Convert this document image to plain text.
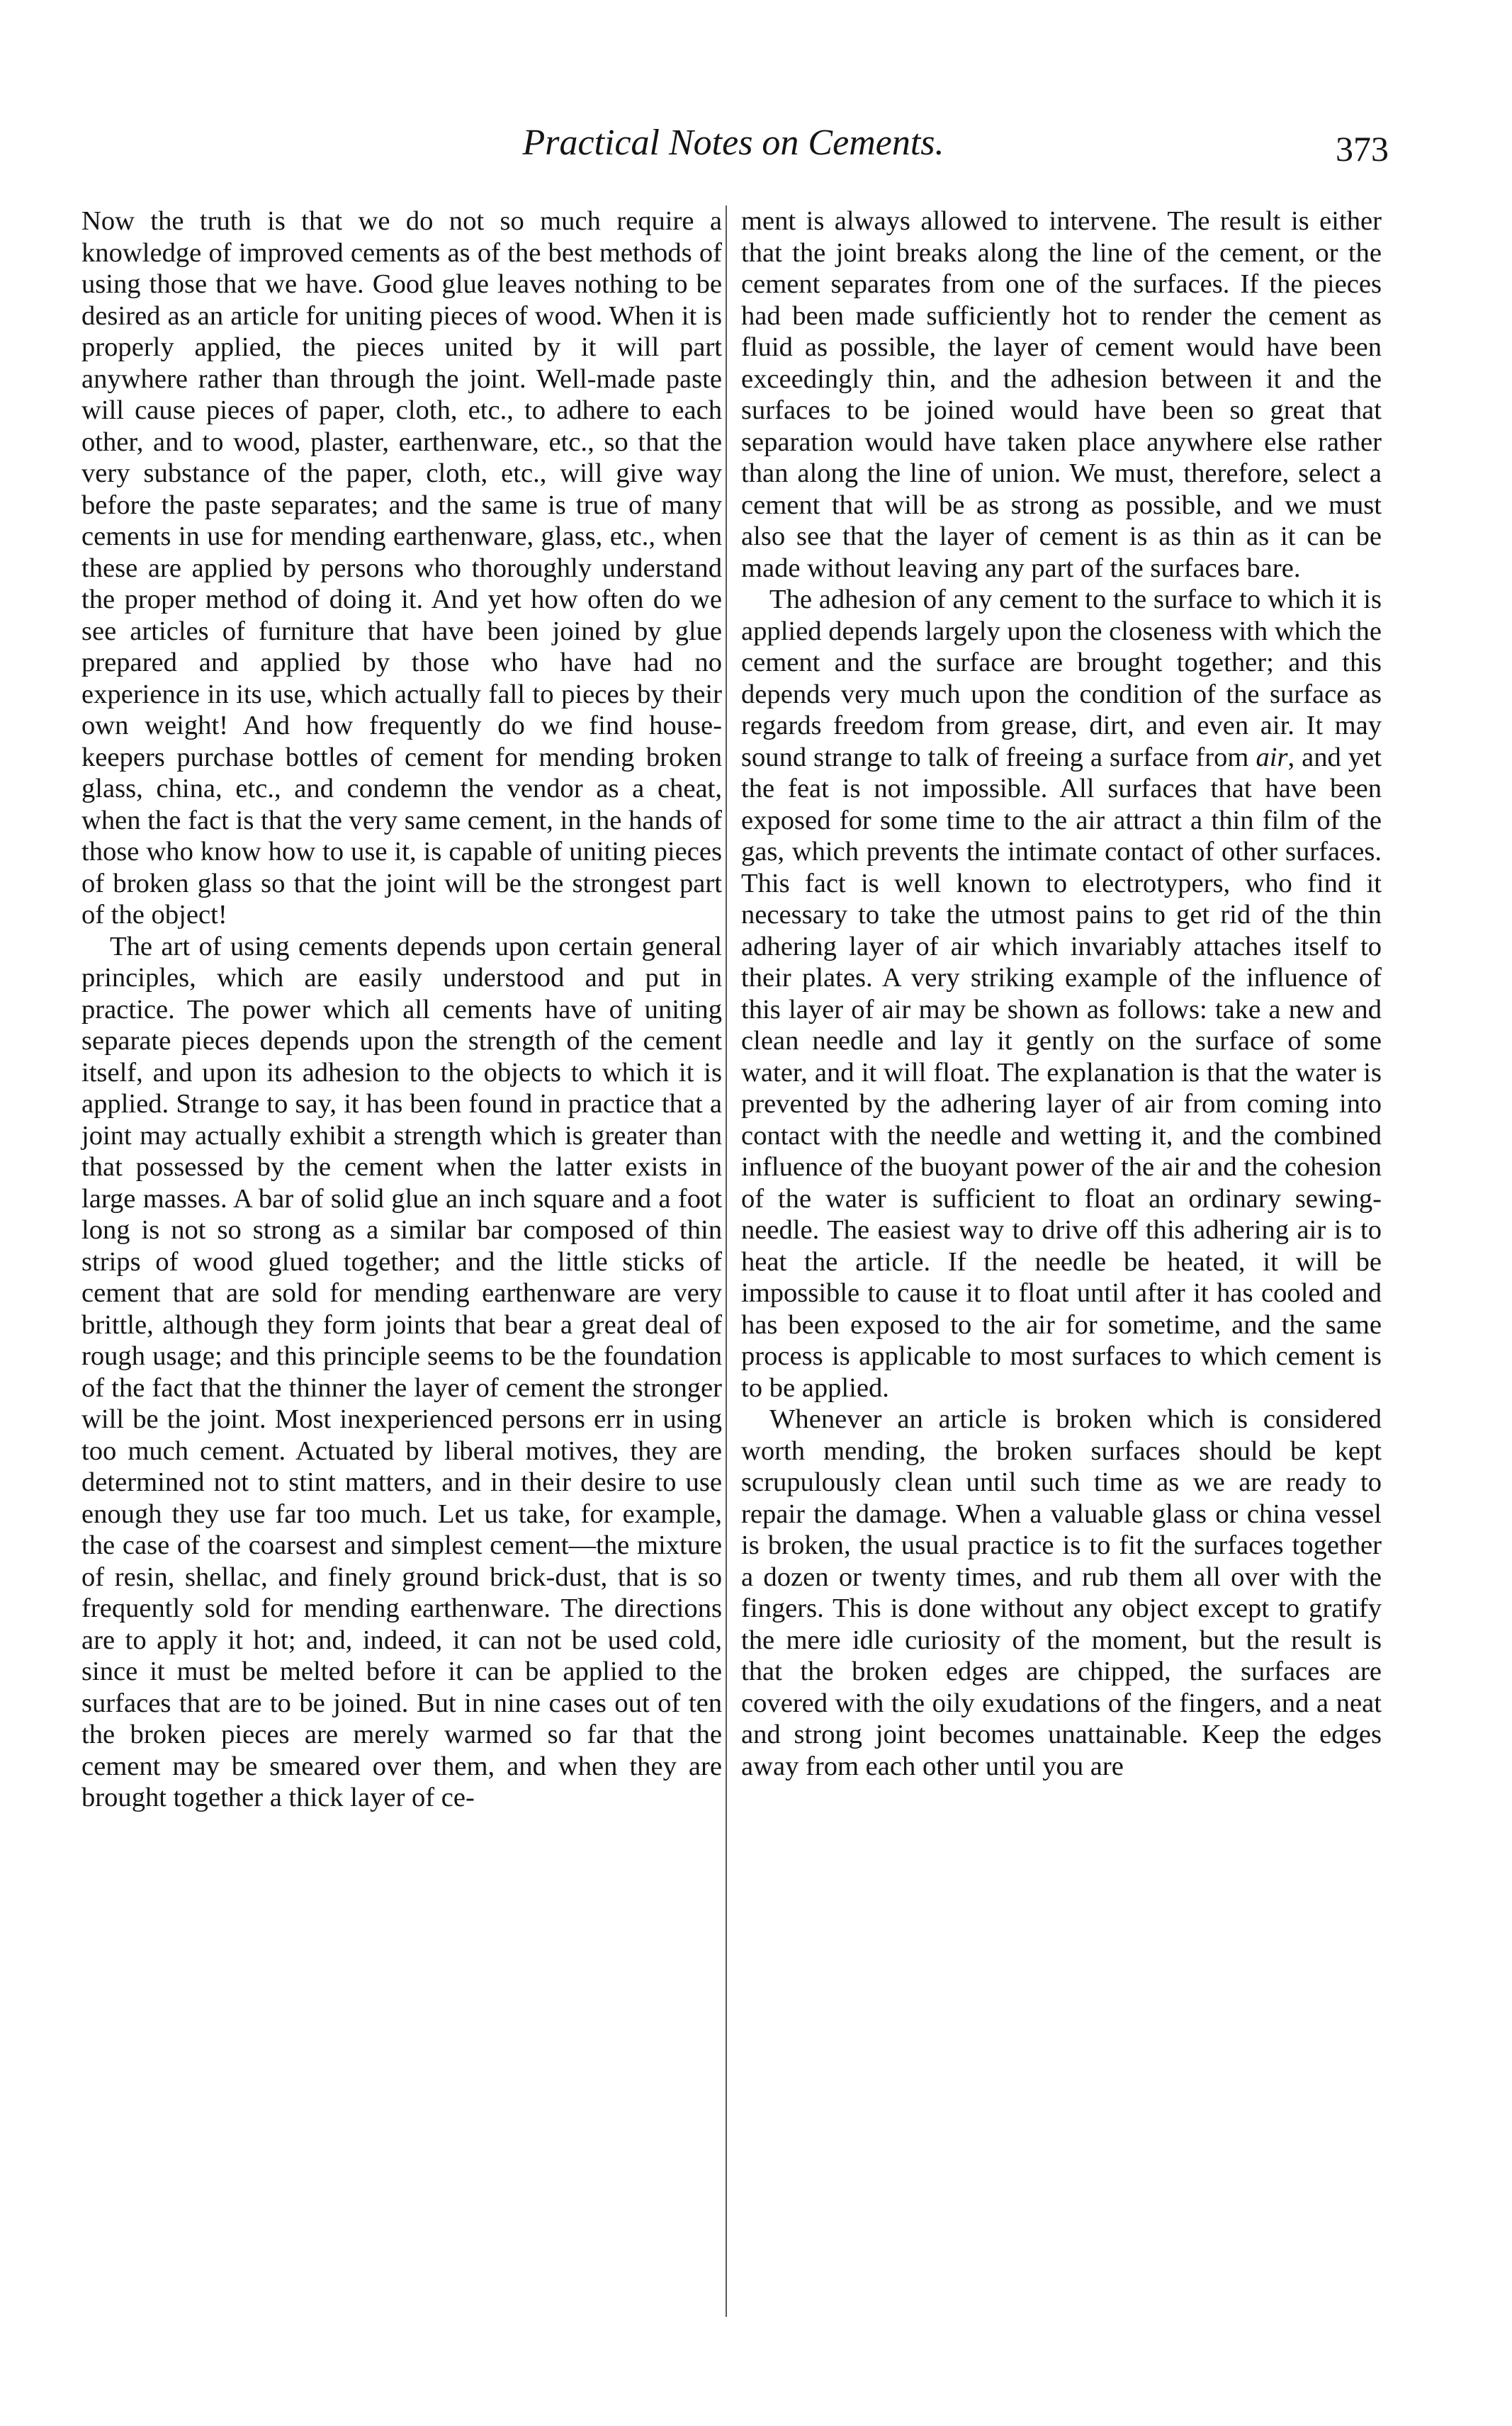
Practical Notes on Cements.	373

Now the truth is that we do not so much require a knowledge of improved cements as of the best methods of using those that we have. Good glue leaves nothing to be desired as an article for uniting pieces of wood. When it is properly applied, the pieces united by it will part anywhere rather than through the joint. Well-made paste will cause pieces of paper, cloth, etc., to adhere to each other, and to wood, plaster, earthenware, etc., so that the very substance of the paper, cloth, etc., will give way before the paste separates; and the same is true of many cements in use for mending earthenware, glass, etc., when these are applied by persons who thoroughly understand the proper method of doing it. And yet how often do we see articles of furniture that have been joined by glue prepared and applied by those who have had no experience in its use, which actually fall to pieces by their own weight! And how frequently do we find house-keepers purchase bottles of cement for mending broken glass, china, etc., and condemn the vendor as a cheat, when the fact is that the very same cement, in the hands of those who know how to use it, is capable of uniting pieces of broken glass so that the joint will be the strongest part of the object!

The art of using cements depends upon certain general principles, which are easily understood and put in practice. The power which all cements have of uniting separate pieces depends upon the strength of the cement itself, and upon its adhesion to the objects to which it is applied. Strange to say, it has been found in practice that a joint may actually exhibit a strength which is greater than that possessed by the cement when the latter exists in large masses. A bar of solid glue an inch square and a foot long is not so strong as a similar bar composed of thin strips of wood glued together; and the little sticks of cement that are sold for mending earthenware are very brittle, although they form joints that bear a great deal of rough usage; and this principle seems to be the foundation of the fact that the thinner the layer of cement the stronger will be the joint. Most inexperienced persons err in using too much cement. Actuated by liberal motives, they are determined not to stint matters, and in their desire to use enough they use far too much. Let us take, for example, the case of the coarsest and simplest cement—the mixture of resin, shellac, and finely ground brick-dust, that is so frequently sold for mending earthenware. The directions are to apply it hot; and, indeed, it can not be used cold, since it must be melted before it can be applied to the surfaces that are to be joined. But in nine cases out of ten the broken pieces are merely warmed so far that the cement may be smeared over them, and when they are brought together a thick layer of ce-

ment is always allowed to intervene. The result is either that the joint breaks along the line of the cement, or the cement separates from one of the surfaces. If the pieces had been made sufficiently hot to render the cement as fluid as possible, the layer of cement would have been exceedingly thin, and the adhesion between it and the surfaces to be joined would have been so great that separation would have taken place anywhere else rather than along the line of union. We must, therefore, select a cement that will be as strong as possible, and we must also see that the layer of cement is as thin as it can be made without leaving any part of the surfaces bare.

The adhesion of any cement to the surface to which it is applied depends largely upon the closeness with which the cement and the surface are brought together; and this depends very much upon the condition of the surface as regards freedom from grease, dirt, and even air. It may sound strange to talk of freeing a surface from air, and yet the feat is not impossible. All surfaces that have been exposed for some time to the air attract a thin film of the gas, which prevents the intimate contact of other surfaces. This fact is well known to electrotypers, who find it necessary to take the utmost pains to get rid of the thin adhering layer of air which invariably attaches itself to their plates. A very striking example of the influence of this layer of air may be shown as follows: take a new and clean needle and lay it gently on the surface of some water, and it will float. The explanation is that the water is prevented by the adhering layer of air from coming into contact with the needle and wetting it, and the combined influence of the buoyant power of the air and the cohesion of the water is sufficient to float an ordinary sewing-needle. The easiest way to drive off this adhering air is to heat the article. If the needle be heated, it will be impossible to cause it to float until after it has cooled and has been exposed to the air for sometime, and the same process is applicable to most surfaces to which cement is to be applied.

Whenever an article is broken which is considered worth mending, the broken surfaces should be kept scrupulously clean until such time as we are ready to repair the damage. When a valuable glass or china vessel is broken, the usual practice is to fit the surfaces together a dozen or twenty times, and rub them all over with the fingers. This is done without any object except to gratify the mere idle curiosity of the moment, but the result is that the broken edges are chipped, the surfaces are covered with the oily exudations of the fingers, and a neat and strong joint becomes unattainable. Keep the edges away from each other until you are
